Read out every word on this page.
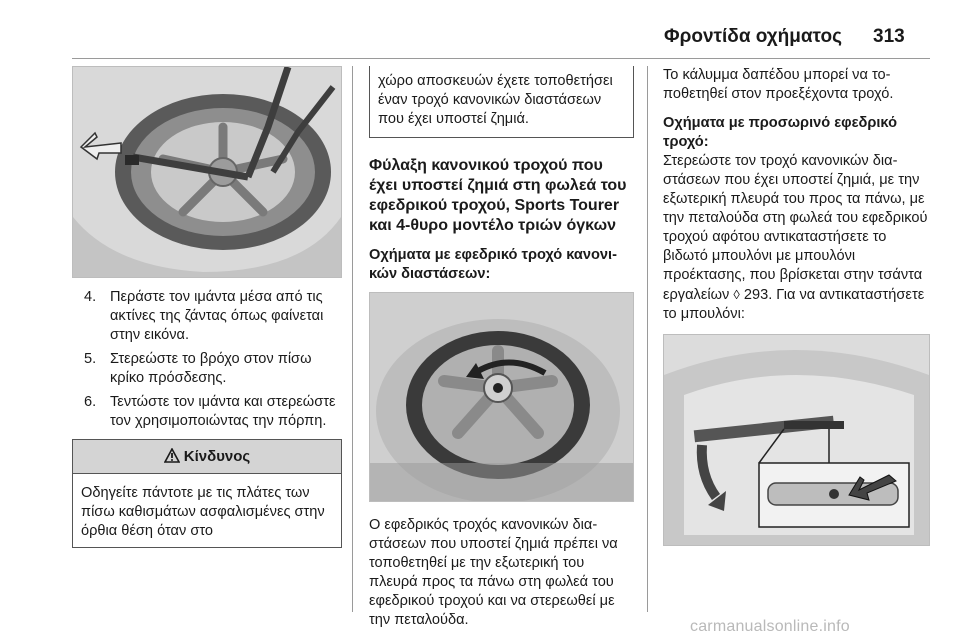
Φροντίδα οχήματος 313
4. Περάστε τον ιμάντα μέσα από τις ακτίνες της ζάντας όπως φαίνεται στην εικόνα.
5. Στερεώστε το βρόχο στον πίσω κρίκο πρόσδεσης.
6. Τεντώστε τον ιμάντα και στερεώστε τον χρησιμοποιώντας την πόρπη.
Κίνδυνος
Οδηγείτε πάντοτε με τις πλάτες των πίσω καθισμάτων ασφαλισμένες στην όρθια θέση όταν στο
χώρο αποσκευών έχετε τοποθετήσει έναν τροχό κανονικών διαστάσεων που έχει υποστεί ζημιά.
Φύλαξη κανονικού τροχού που έχει υποστεί ζημιά στη φωλεά του εφεδρικού τροχού, Sports Tourer και 4-θυρο μοντέλο τριών όγκων
Οχήματα με εφεδρικό τροχό κανονικών διαστάσεων:

Ο εφεδρικός τροχός κανονικών διαστάσεων που υποστεί ζημιά πρέπει να τοποθετηθεί με την εξωτερική του πλευρά προς τα πάνω στη φωλεά του εφεδρικού τροχού και να στερεωθεί με την πεταλούδα.

Το κάλυμμα δαπέδου μπορεί να τοποθετηθεί στον προεξέχοντα τροχό.

Οχήματα με προσωρινό εφεδρικό τροχό:

Στερεώστε τον τροχό κανονικών διαστάσεων που έχει υποστεί ζημιά, με την εξωτερική πλευρά του προς τα πάνω, με την πεταλούδα στη φωλεά του εφεδρικού τροχού αφότου αντικαταστήσετε το βιδωτό μπουλόνι με μπουλόνι προέκτασης, που βρίσκεται στην τσάντα εργαλείων ◊ 293. Για να αντικαταστήσετε το μπουλόνι:

carmanualsonline.info
